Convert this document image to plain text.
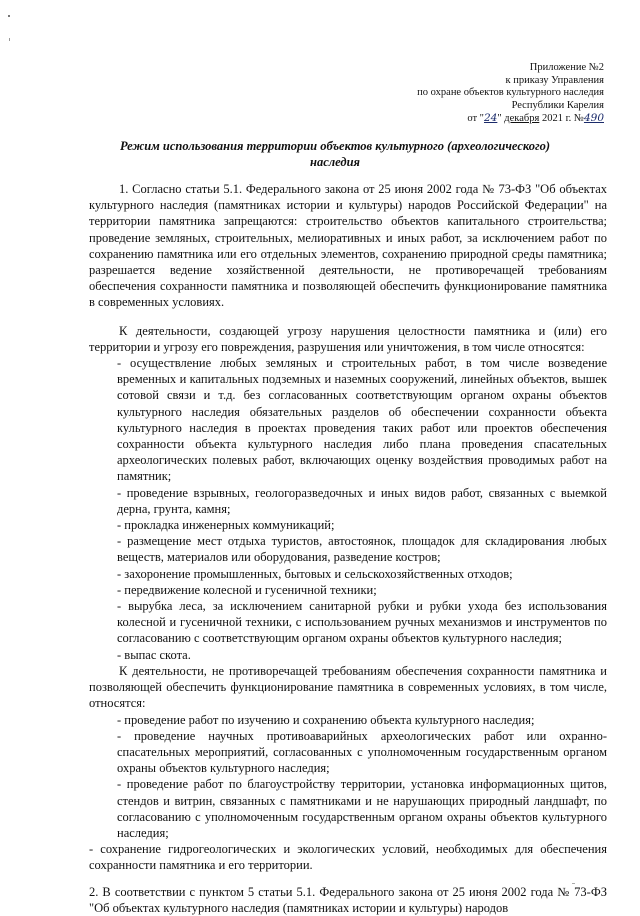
Приложение №2
к приказу Управления
по охране объектов культурного наследия
Республики Карелия
от "24" декабря 2021 г. №490
Режим использования территории объектов культурного (археологического) наследия

1. Согласно статьи 5.1. Федерального закона от 25 июня 2002 года № 73-ФЗ "Об объектах культурного наследия (памятниках истории и культуры) народов Российской Федерации" на территории памятника запрещаются: строительство объектов капитального строительства; проведение земляных, строительных, мелиоративных и иных работ, за исключением работ по сохранению памятника или его отдельных элементов, сохранению природной среды памятника; разрешается ведение хозяйственной деятельности, не противоречащей требованиям обеспечения сохранности памятника и позволяющей обеспечить функционирование памятника в современных условиях.

К деятельности, создающей угрозу нарушения целостности памятника и (или) его территории и угрозу его повреждения, разрушения или уничтожения, в том числе относятся:

- осуществление любых земляных и строительных работ, в том числе возведение временных и капитальных подземных и наземных сооружений, линейных объектов, вышек сотовой связи и т.д. без согласованных соответствующим органом охраны объектов культурного наследия обязательных разделов об обеспечении сохранности объекта культурного наследия в проектах проведения таких работ или проектов обеспечения сохранности объекта культурного наследия либо плана проведения спасательных археологических полевых работ, включающих оценку воздействия проводимых работ на памятник;

- проведение взрывных, геологоразведочных и иных видов работ, связанных с выемкой дерна, грунта, камня;

- прокладка инженерных коммуникаций;

- размещение мест отдыха туристов, автостоянок, площадок для складирования любых веществ, материалов или оборудования, разведение костров;

- захоронение промышленных, бытовых и сельскохозяйственных отходов;

- передвижение колесной и гусеничной техники;

- вырубка леса, за исключением санитарной рубки и рубки ухода без использования колесной и гусеничной техники, с использованием ручных механизмов и инструментов по согласованию с соответствующим органом охраны объектов культурного наследия;

- выпас скота.

К деятельности, не противоречащей требованиям обеспечения сохранности памятника и позволяющей обеспечить функционирование памятника в современных условиях, в том числе, относятся:

- проведение работ по изучению и сохранению объекта культурного наследия;

- проведение научных противоаварийных археологических работ или охранно-спасательных мероприятий, согласованных с уполномоченным государственным органом охраны объектов культурного наследия;

- проведение работ по благоустройству территории, установка информационных щитов, стендов и витрин, связанных с памятниками и не нарушающих природный ландшафт, по согласованию с уполномоченным государственным органом охраны объектов культурного наследия;

- сохранение гидрогеологических и экологических условий, необходимых для обеспечения сохранности памятника и его территории.

2. В соответствии с пунктом 5 статьи 5.1. Федерального закона от 25 июня 2002 года № 73-ФЗ "Об объектах культурного наследия (памятниках истории и культуры) народов
